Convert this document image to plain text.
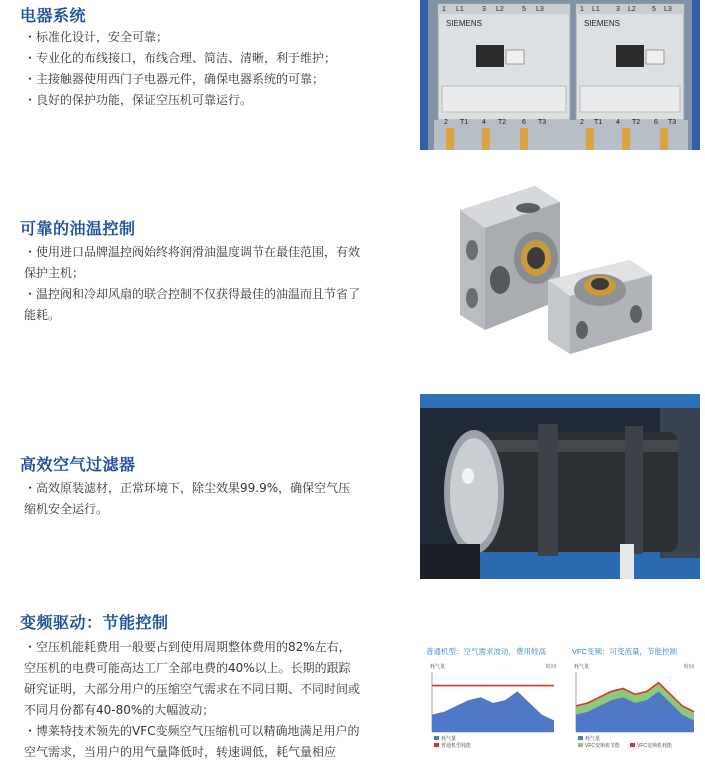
电器系统
・标准化设计，安全可靠；
・专业化的布线接口，布线合理、简洁、清晰，利于维护；
・主接触器使用西门子电器元件，确保电器系统的可靠；
・良好的保护功能，保证空压机可靠运行。
1 L1	3 L2	5 L3	1 L1 3 L2 5 L3
SIEMENS	SIEMENS
2 T1 4 T2 6 T3	2 T1 4 T2 6 T3
可靠的油温控制
・使用进口品牌温控阀始终将润滑油温度调节在最佳范围，有效保护主机；
・温控阀和冷却风扇的联合控制不仅获得最佳的油温而且节省了能耗。
高效空气过滤器
・高效原装滤材，正常环境下，除尘效果99.9%，确保空气压缩机安全运行。
变频驱动：节能控制
・空压机能耗费用一般要占到使用周期整体费用的82%左右，空压机的电费可能高达工厂全部电费的40%以上。长期的跟踪研究证明，大部分用户的压缩空气需求在不同日期、不同时间或不同月份都有40-80%的大幅波动；
・博莱特技术领先的VFC变频空气压缩机可以精确地满足用户的空气需求，当用户的用气量降低时，转速调低，耗气量相应
普通机型：空气需求波动，费用较高
耗气量	时间
耗气量
普通机型耗能
VFC变频：可变流量，节能控制
耗气量	时间
耗气量
VFC变频机节能	VFC变频机耗能
